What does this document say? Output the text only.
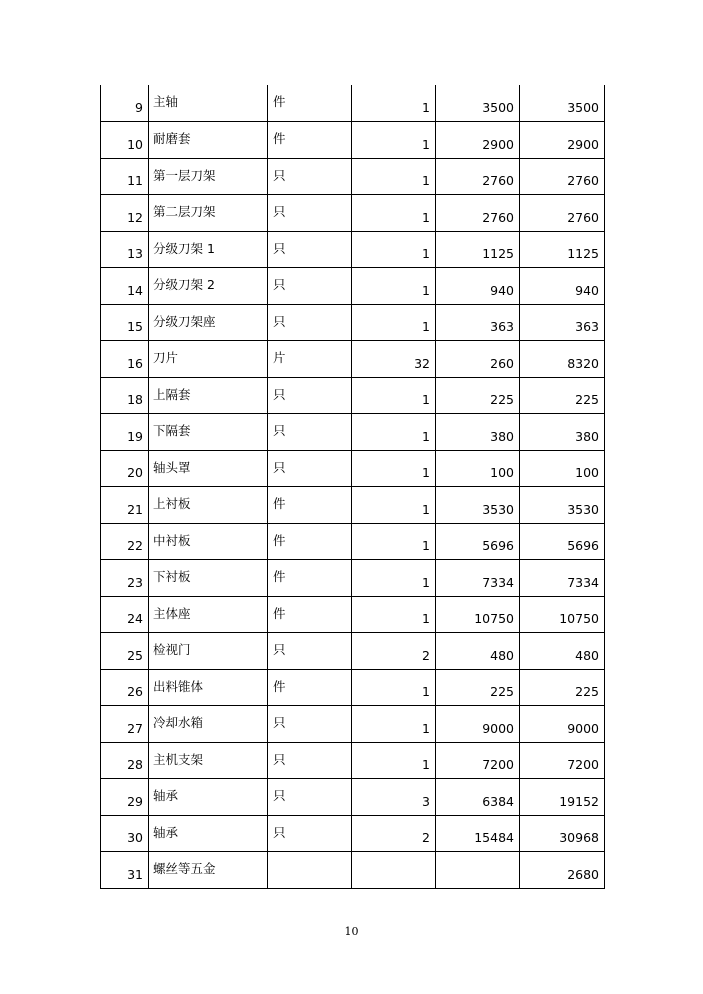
9	主轴	件	1	3500	3500
10	耐磨套	件	1	2900	2900
11	第一层刀架	只	1	2760	2760
12	第二层刀架	只	1	2760	2760
13	分级刀架 1	只	1	1125	1125
14	分级刀架 2	只	1	940	940
15	分级刀架座	只	1	363	363
16	刀片	片	32	260	8320
18	上隔套	只	1	225	225
19	下隔套	只	1	380	380
20	轴头罩	只	1	100	100
21	上衬板	件	1	3530	3530
22	中衬板	件	1	5696	5696
23	下衬板	件	1	7334	7334
24	主体座	件	1	10750	10750
25	检视门	只	2	480	480
26	出料锥体	件	1	225	225
27	冷却水箱	只	1	9000	9000
28	主机支架	只	1	7200	7200
29	轴承	只	3	6384	19152
30	轴承	只	2	15484	30968
31	螺丝等五金				2680
10
